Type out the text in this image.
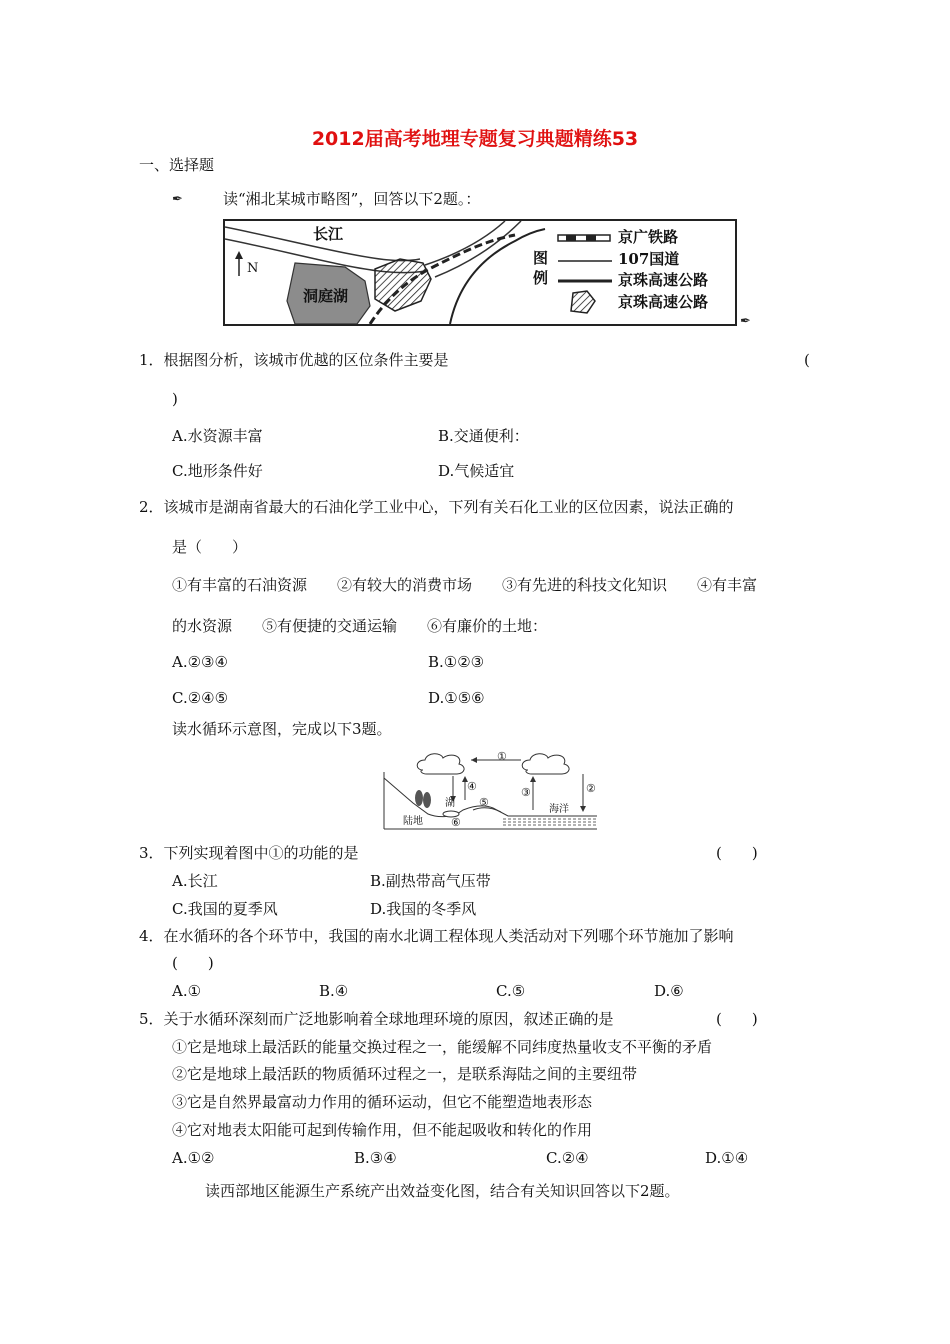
2012届高考地理专题复习典题精练53
一、选择题
✒	读“湘北某城市略图”，回答以下2题。：
长江
洞庭湖
N
图
例
京广铁路
107国道
京珠高速公路
京珠高速公路
✒
1．根据图分析，该城市优越的区位条件主要是	(
)
A.水资源丰富	B.交通便利：
C.地形条件好	D.气候适宜
2．该城市是湖南省最大的石油化学工业中心，下列有关石化工业的区位因素，说法正确的
是（　　）
①有丰富的石油资源　　②有较大的消费市场　　③有先进的科技文化知识　　④有丰富
的水资源　　⑤有便捷的交通运输　　⑥有廉价的土地：
A.②③④	B.①②③
C.②④⑤	D.①⑤⑥
读水循环示意图，完成以下3题。
①
②
③
④
⑤
⑥
湖
陆地
海洋
3．下列实现着图中①的功能的是	(　　)
A.长江	B.副热带高气压带
C.我国的夏季风	D.我国的冬季风
4．在水循环的各个环节中，我国的南水北调工程体现人类活动对下列哪个环节施加了影响
(　　)
A.①	B.④	C.⑤	D.⑥
5．关于水循环深刻而广泛地影响着全球地理环境的原因，叙述正确的是	(　　)
①它是地球上最活跃的能量交换过程之一，能缓解不同纬度热量收支不平衡的矛盾
②它是地球上最活跃的物质循环过程之一，是联系海陆之间的主要纽带
③它是自然界最富动力作用的循环运动，但它不能塑造地表形态
④它对地表太阳能可起到传输作用，但不能起吸收和转化的作用
A.①②	B.③④	C.②④	D.①④
读西部地区能源生产系统产出效益变化图，结合有关知识回答以下2题。
